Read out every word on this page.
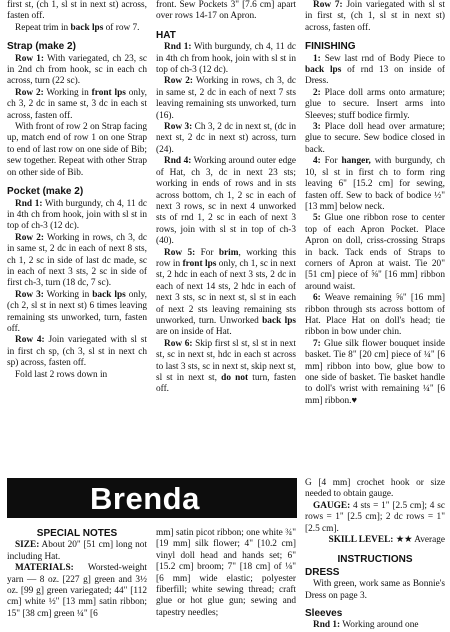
first st, (ch 1, sl st in next st) across, fasten off.

Repeat trim in back lps of row 7.

Strap (make 2)

Row 1: With variegated, ch 23, sc in 2nd ch from hook, sc in each ch across, turn (22 sc).

Row 2: Working in front lps only, ch 3, 2 dc in same st, 3 dc in each st across, fasten off.

With front of row 2 on Strap facing up, match end of row 1 on one Strap to end of last row on one side of Bib; sew together. Repeat with other Strap on other side of Bib.

Pocket (make 2)

Rnd 1: With burgundy, ch 4, 11 dc in 4th ch from hook, join with sl st in top of ch-3 (12 dc).

Row 2: Working in rows, ch 3, dc in same st, 2 dc in each of next 8 sts, ch 1, 2 sc in side of last dc made, sc in each of next 3 sts, 2 sc in side of first ch-3, turn (18 dc, 7 sc).

Row 3: Working in back lps only, (ch 2, sl st in next st) 6 times leaving remaining sts unworked, turn, fasten off.

Row 4: Join variegated with sl st in first ch sp, (ch 3, sl st in next ch sp) across, fasten off.

Fold last 2 rows down in

front. Sew Pockets 3" [7.6 cm] apart over rows 14-17 on Apron.

HAT

Rnd 1: With burgundy, ch 4, 11 dc in 4th ch from hook, join with sl st in top of ch-3 (12 dc).

Row 2: Working in rows, ch 3, dc in same st, 2 dc in each of next 7 sts leaving remaining sts unworked, turn (16).

Row 3: Ch 3, 2 dc in next st, (dc in next st, 2 dc in next st) across, turn (24).

Rnd 4: Working around outer edge of Hat, ch 3, dc in next 23 sts; working in ends of rows and in sts across bottom, ch 1, 2 sc in each of next 3 rows, sc in next 4 unworked sts of rnd 1, 2 sc in each of next 3 rows, join with sl st in top of ch-3 (40).

Row 5: For brim, working this row in front lps only, ch 1, sc in next st, 2 hdc in each of next 3 sts, 2 dc in each of next 14 sts, 2 hdc in each of next 3 sts, sc in next st, sl st in each of next 2 sts leaving remaining sts unworked, turn. Unworked back lps are on inside of Hat.

Row 6: Skip first sl st, sl st in next st, sc in next st, hdc in each st across to last 3 sts, sc in next st, skip next st, sl st in next st, do not turn, fasten off.

Row 7: Join variegated with sl st in first st, (ch 1, sl st in next st) across, fasten off.

FINISHING

1: Sew last rnd of Body Piece to back lps of rnd 13 on inside of Dress.

2: Place doll arms onto armature; glue to secure. Insert arms into Sleeves; stuff bodice firmly.

3: Place doll head over armature; glue to secure. Sew bodice closed in back.

4: For hanger, with burgundy, ch 10, sl st in first ch to form ring leaving 6" [15.2 cm] for sewing, fasten off. Sew to back of bodice ½" [13 mm] below neck.

5: Glue one ribbon rose to center top of each Apron Pocket. Place Apron on doll, criss-crossing Straps in back. Tack ends of Straps to corners of Apron at waist. Tie 20" [51 cm] piece of ⅝" [16 mm] ribbon around waist.

6: Weave remaining ⅝" [16 mm] ribbon through sts across bottom of Hat. Place Hat on doll's head; tie ribbon in bow under chin.

7: Glue silk flower bouquet inside basket. Tie 8" [20 cm] piece of ¼" [6 mm] ribbon into bow, glue bow to one side of basket. Tie basket handle to doll's wrist with remaining ¼" [6 mm] ribbon.♥

Brenda
SPECIAL NOTES

SIZE: About 20" [51 cm] long not including Hat.

MATERIALS: Worsted-weight yarn — 8 oz. [227 g] green and 3½ oz. [99 g] green variegated; 44" [112 cm] white ½" [13 mm] satin ribbon; 15" [38 cm] green ¼" [6

mm] satin picot ribbon; one white ¾" [19 mm] silk flower; 4" [10.2 cm] vinyl doll head and hands set; 6" [15.2 cm] broom; 7" [18 cm] of ⅛" [6 mm] wide elastic; polyester fiberfill; white sewing thread; craft glue or hot glue gun; sewing and tapestry needles;

G [4 mm] crochet hook or size needed to obtain gauge.

GAUGE: 4 sts = 1" [2.5 cm]; 4 sc rows = 1" [2.5 cm]; 2 dc rows = 1" [2.5 cm].

SKILL LEVEL: ★★ Average

INSTRUCTIONS
DRESS

With green, work same as Bonnie's Dress on page 3.

Sleeves

Rnd 1: Working around one
